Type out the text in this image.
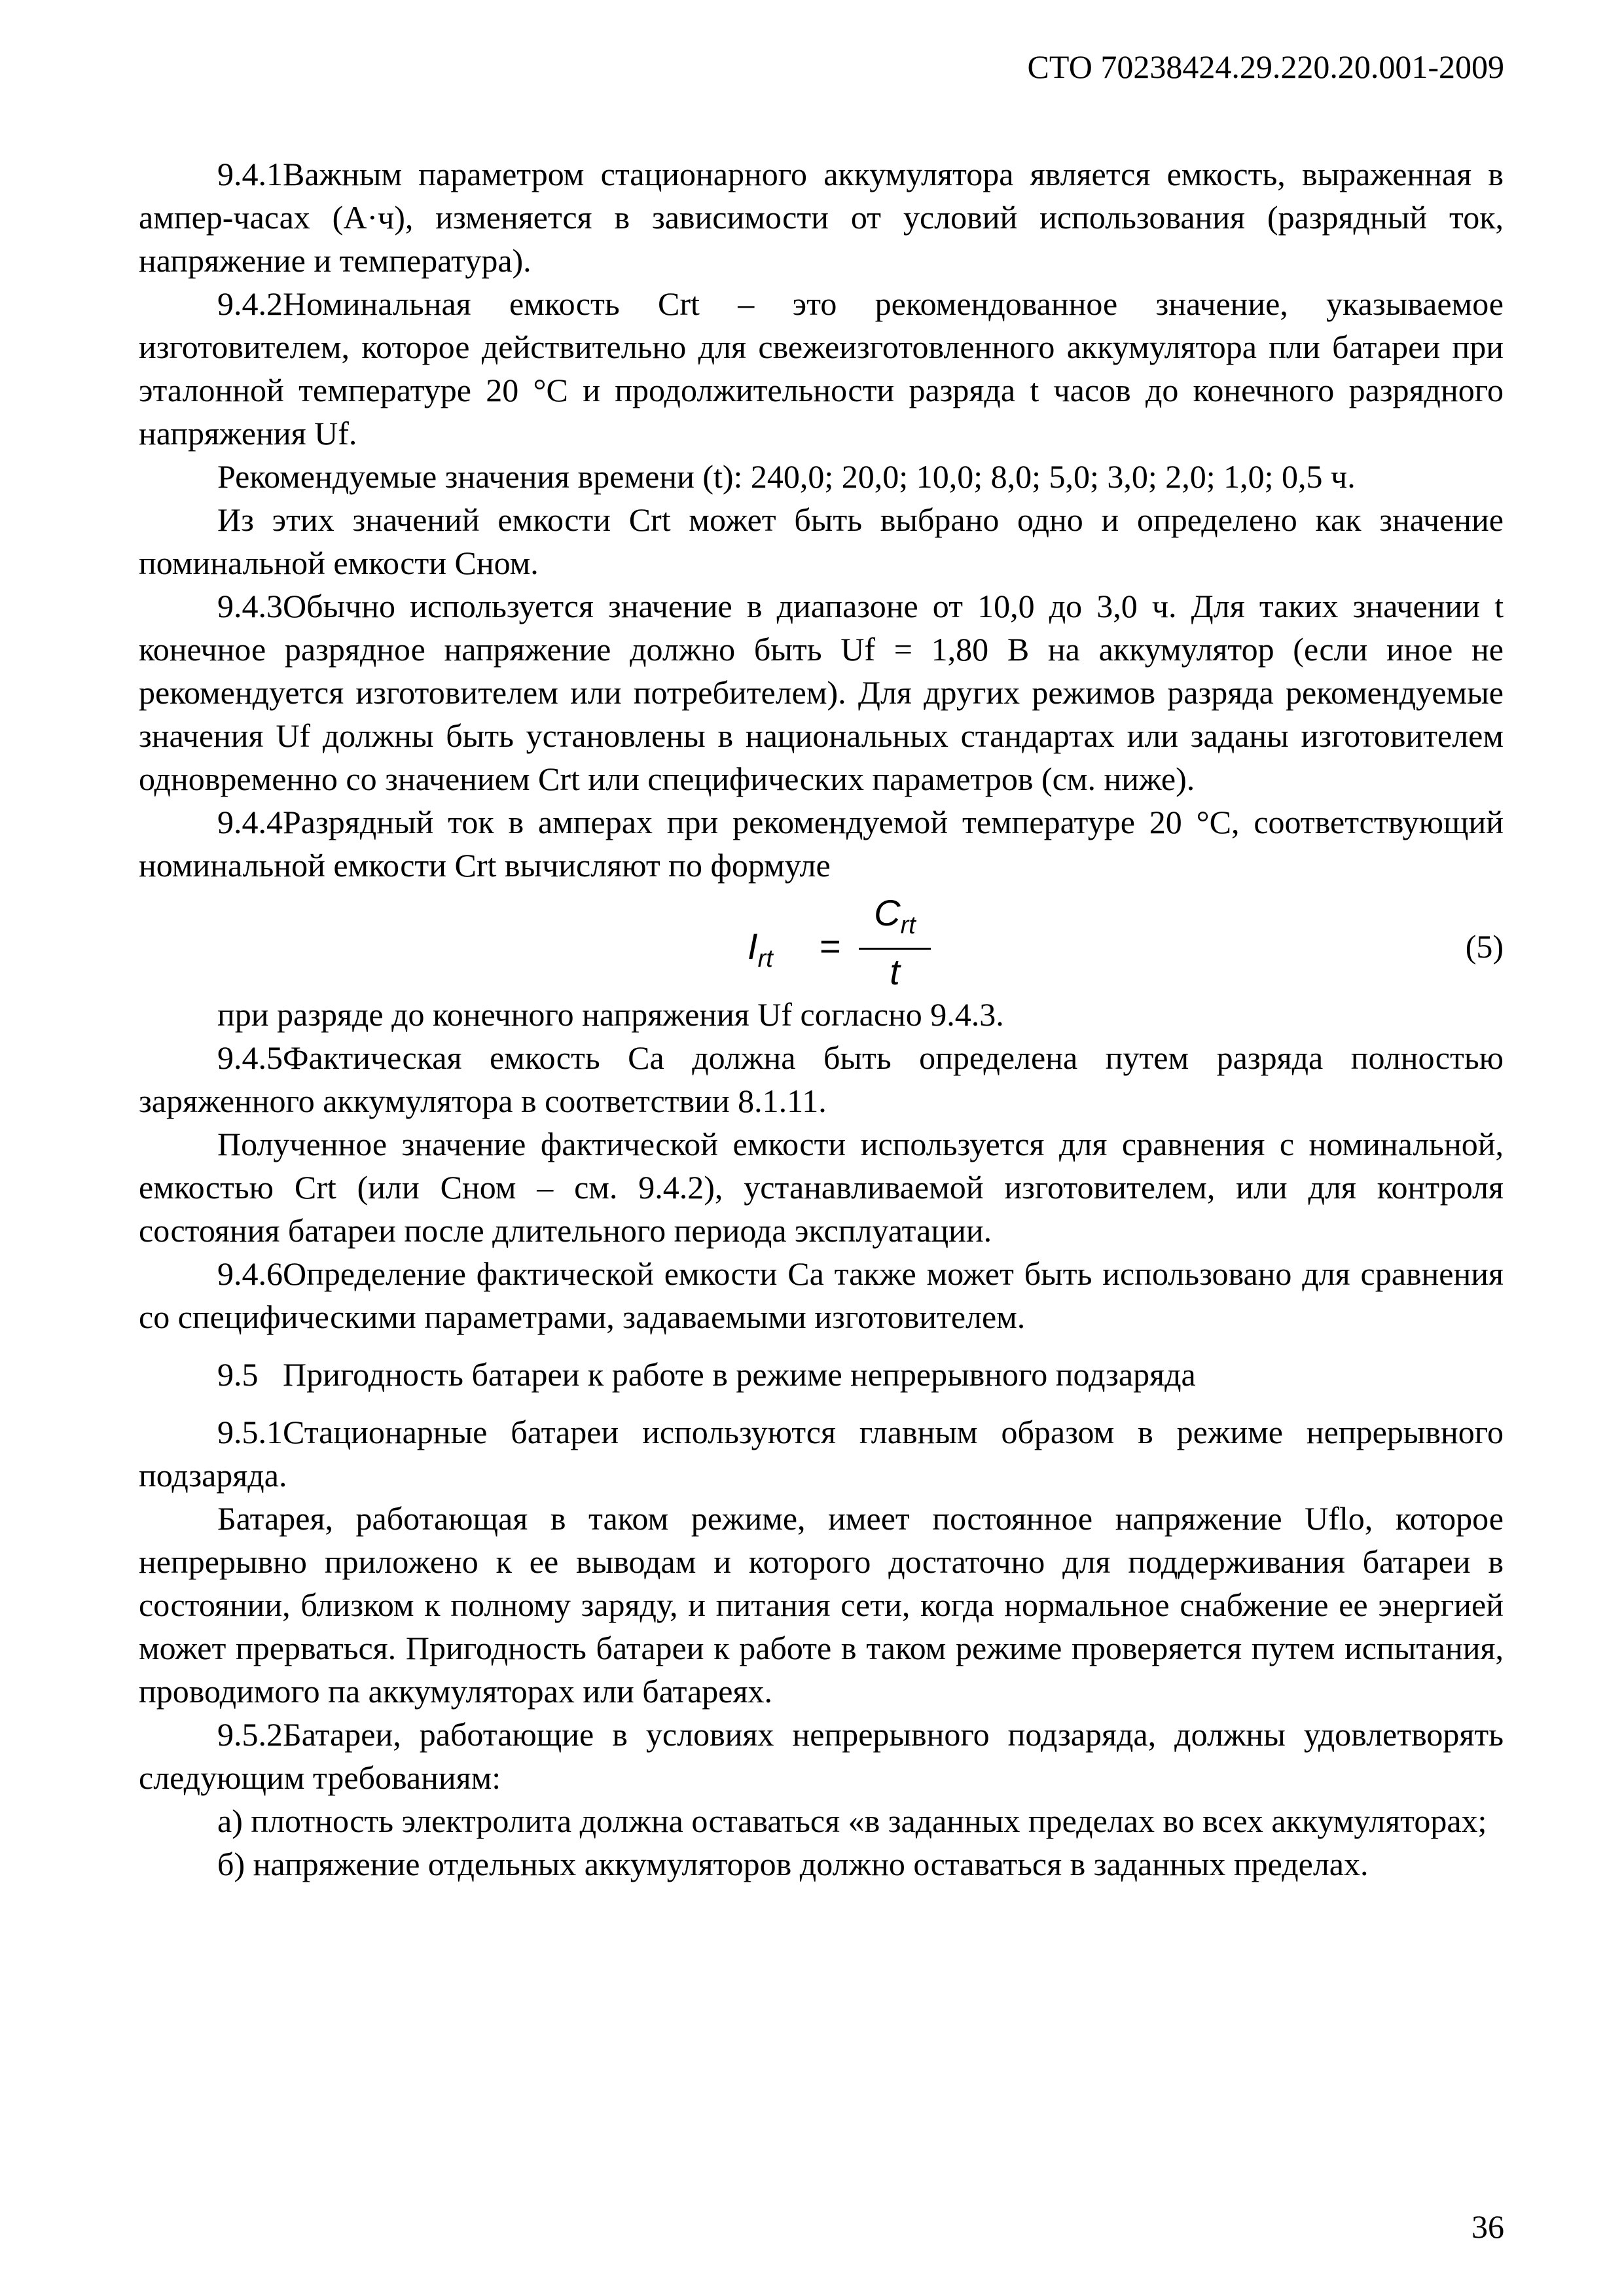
СТО 70238424.29.220.20.001-2009

9.4.1Важным параметром стационарного аккумулятора является емкость, выраженная в ампер-часах (А·ч), изменяется в зависимости от условий использования (разрядный ток, напряжение и температура).

9.4.2Номинальная емкость Crt – это рекомендованное значение, указываемое изготовителем, которое действительно для свежеизготовленного аккумулятора пли батареи при эталонной температуре 20 °С и продолжительности разряда t часов до конечного разрядного напряжения Uf.

Рекомендуемые значения времени (t): 240,0; 20,0; 10,0; 8,0; 5,0; 3,0; 2,0; 1,0; 0,5 ч.

Из этих значений емкости Crt может быть выбрано одно и определено как значение поминальной емкости Сном.

9.4.3Обычно используется значение в диапазоне от 10,0 до 3,0 ч. Для таких значении t конечное разрядное напряжение должно быть Uf = 1,80 В на аккумулятор (если иное не рекомендуется изготовителем или потребителем). Для других режимов разряда рекомендуемые значения Uf должны быть установлены в национальных стандартах или заданы изготовителем одновременно со значением Crt или специфических параметров (см. ниже).

9.4.4Разрядный ток в амперах при рекомендуемой температуре 20 °С, соответствующий номинальной емкости Crt вычисляют по формуле

$I_{rt}$ =
$C_{rt}$
t
(5)

при разряде до конечного напряжения Uf согласно 9.4.3.

9.4.5Фактическая емкость Са должна быть определена путем разряда полностью заряженного аккумулятора в соответствии 8.1.11.

Полученное значение фактической емкости используется для сравнения с номинальной, емкостью Crt (или Сном – см. 9.4.2), устанавливаемой изготовителем, или для контроля состояния батареи после длительного периода эксплуатации.

9.4.6Определение фактической емкости Са также может быть использовано для сравнения со специфическими параметрами, задаваемыми изготовителем.

9.5   Пригодность батареи к работе в режиме непрерывного подзаряда

9.5.1Стационарные батареи используются главным образом в режиме непрерывного подзаряда.

Батарея, работающая в таком режиме, имеет постоянное напряжение Uflo, которое непрерывно приложено к ее выводам и которого достаточно для поддерживания батареи в состоянии, близком к полному заряду, и питания сети, когда нормальное снабжение ее энергией может прерваться. Пригодность батареи к работе в таком режиме проверяется путем испытания, проводимого па аккумуляторах или батареях.

9.5.2Батареи, работающие в условиях непрерывного подзаряда, должны удовлетворять следующим требованиям:

а) плотность электролита должна оставаться «в заданных пределах во всех аккумуляторах;

б) напряжение отдельных аккумуляторов должно оставаться в заданных пределах.

36
